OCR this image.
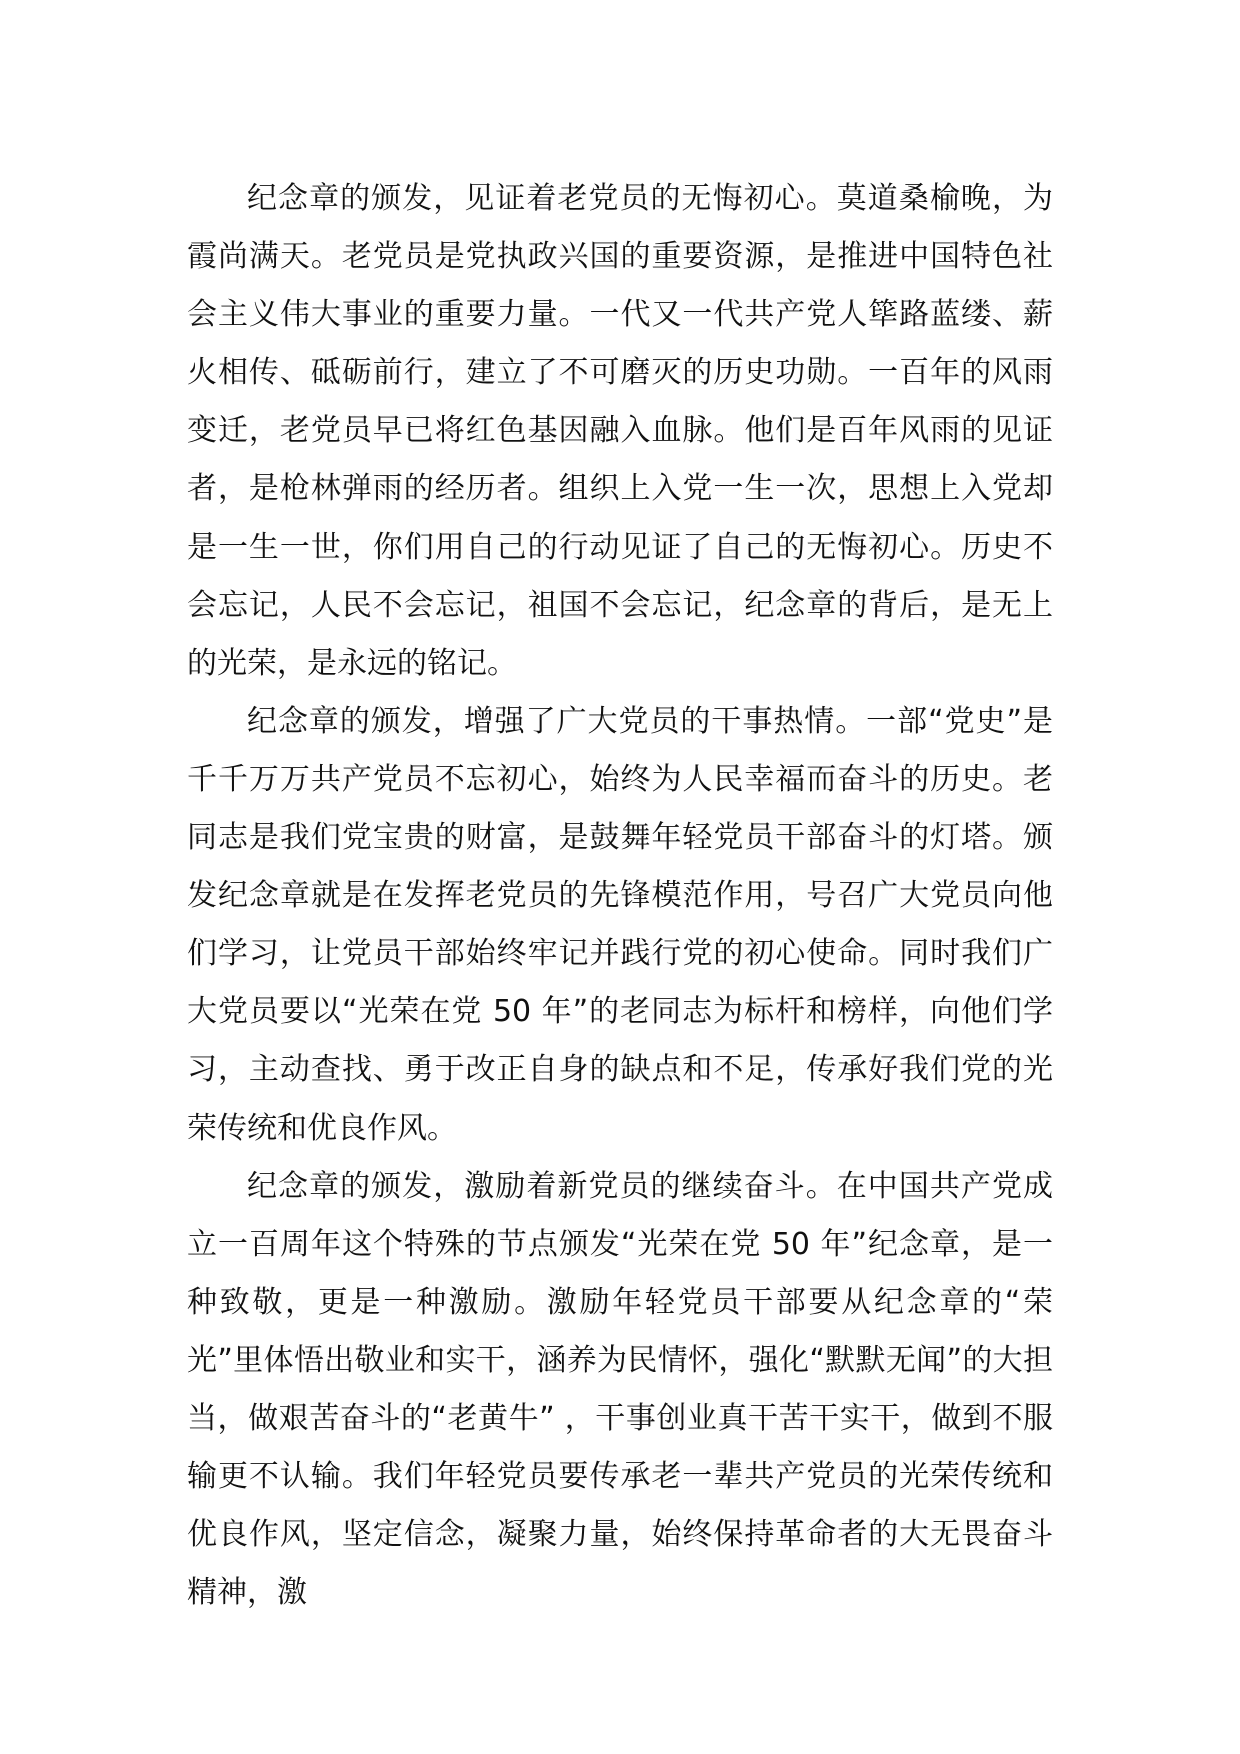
纪念章的颁发，见证着老党员的无悔初心。莫道桑榆晚，为霞尚满天。老党员是党执政兴国的重要资源，是推进中国特色社会主义伟大事业的重要力量。一代又一代共产党人筚路蓝缕、薪火相传、砥砺前行，建立了不可磨灭的历史功勋。一百年的风雨变迁，老党员早已将红色基因融入血脉。他们是百年风雨的见证者，是枪林弹雨的经历者。组织上入党一生一次，思想上入党却是一生一世，你们用自己的行动见证了自己的无悔初心。历史不会忘记，人民不会忘记，祖国不会忘记，纪念章的背后，是无上的光荣，是永远的铭记。

纪念章的颁发，增强了广大党员的干事热情。一部“党史”是千千万万共产党员不忘初心，始终为人民幸福而奋斗的历史。老同志是我们党宝贵的财富，是鼓舞年轻党员干部奋斗的灯塔。颁发纪念章就是在发挥老党员的先锋模范作用，号召广大党员向他们学习，让党员干部始终牢记并践行党的初心使命。同时我们广大党员要以“光荣在党 50 年”的老同志为标杆和榜样，向他们学习，主动查找、勇于改正自身的缺点和不足，传承好我们党的光荣传统和优良作风。

纪念章的颁发，激励着新党员的继续奋斗。在中国共产党成立一百周年这个特殊的节点颁发“光荣在党 50 年”纪念章，是一种致敬，更是一种激励。激励年轻党员干部要从纪念章的“荣光”里体悟出敬业和实干，涵养为民情怀，强化“默默无闻”的大担当，做艰苦奋斗的“老黄牛” ，干事创业真干苦干实干，做到不服输更不认输。我们年轻党员要传承老一辈共产党员的光荣传统和优良作风，坚定信念，凝聚力量，始终保持革命者的大无畏奋斗精神，激
